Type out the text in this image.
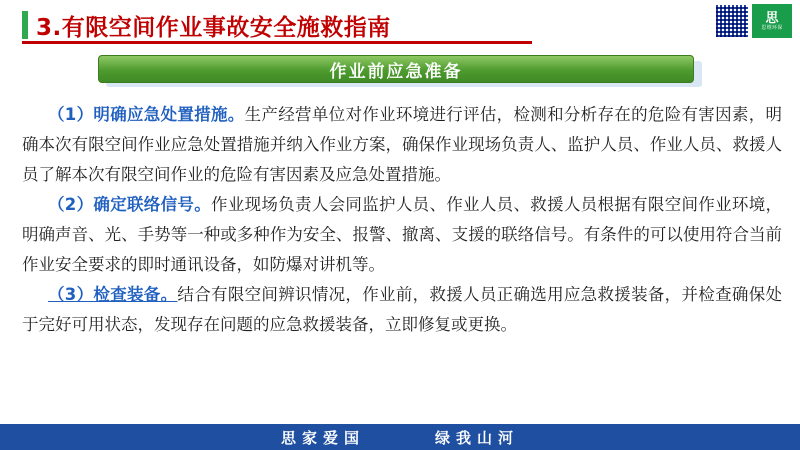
3.有限空间作业事故安全施救指南	思
思维环保
作业前应急准备

（1）明确应急处置措施。生产经营单位对作业环境进行评估，检测和分析存在的危险有害因素，明确本次有限空间作业应急处置措施并纳入作业方案，确保作业现场负责人、监护人员、作业人员、救援人员了解本次有限空间作业的危险有害因素及应急处置措施。

（2）确定联络信号。作业现场负责人会同监护人员、作业人员、救援人员根据有限空间作业环境，明确声音、光、手势等一种或多种作为安全、报警、撤离、支援的联络信号。有条件的可以使用符合当前作业安全要求的即时通讯设备，如防爆对讲机等。

（3）检查装备。结合有限空间辨识情况，作业前，救援人员正确选用应急救援装备，并检查确保处于完好可用状态，发现存在问题的应急救援装备，立即修复或更换。

思家爱国	绿我山河
